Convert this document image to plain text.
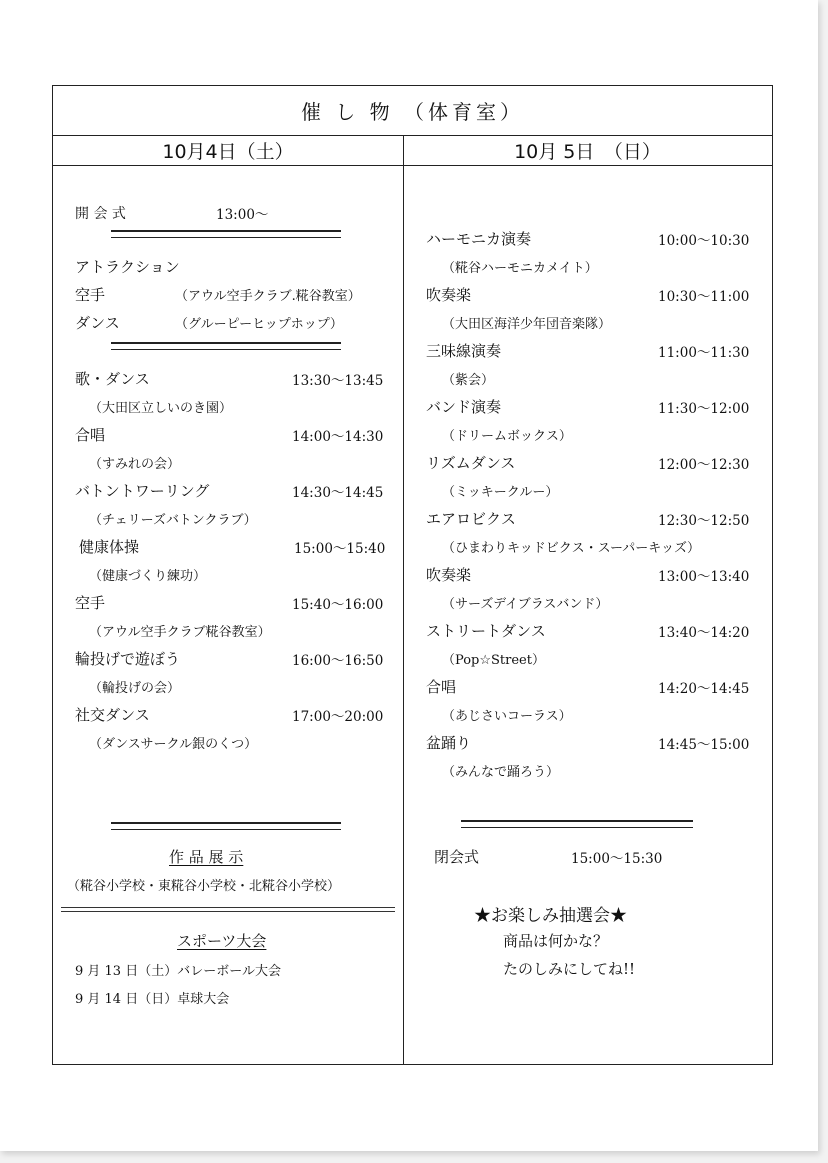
催 し 物 （体育室）
10月4日（土）	10月 5日　（日）
開 会 式	13:00〜
アトラクション
空手	（アウル空手クラブ.糀谷教室）
ダンス	（グルーピーヒップホップ）
歌・ダンス	13:30〜13:45
（大田区立しいのき園）
合唱	14:00〜14:30
（すみれの会）
バトントワーリング	14:30〜14:45
（チェリーズバトンクラブ）
健康体操	15:00〜15:40
（健康づくり練功）
空手	15:40〜16:00
（アウル空手クラブ糀谷教室）
輪投げで遊ぼう	16:00〜16:50
（輪投げの会）
社交ダンス	17:00〜20:00
（ダンスサークル銀のくつ）
作 品 展 示
（糀谷小学校・東糀谷小学校・北糀谷小学校）
スポーツ大会
9 月 13 日（土）バレーボール大会
9 月 14 日（日）卓球大会
ハーモニカ演奏	10:00〜10:30
（糀谷ハーモニカメイト）
吹奏楽	10:30〜11:00
（大田区海洋少年団音楽隊）
三味線演奏	11:00〜11:30
（紫会）
バンド演奏	11:30〜12:00
（ドリームボックス）
リズムダンス	12:00〜12:30
（ミッキークルー）
エアロビクス	12:30〜12:50
（ひまわりキッドビクス・スーパーキッズ）
吹奏楽	13:00〜13:40
（サーズデイブラスバンド）
ストリートダンス	13:40〜14:20
（Pop☆Street）
合唱	14:20〜14:45
（あじさいコーラス）
盆踊り	14:45〜15:00
（みんなで踊ろう）
閉会式	15:00〜15:30
★お楽しみ抽選会★
商品は何かな？
たのしみにしてね!!
